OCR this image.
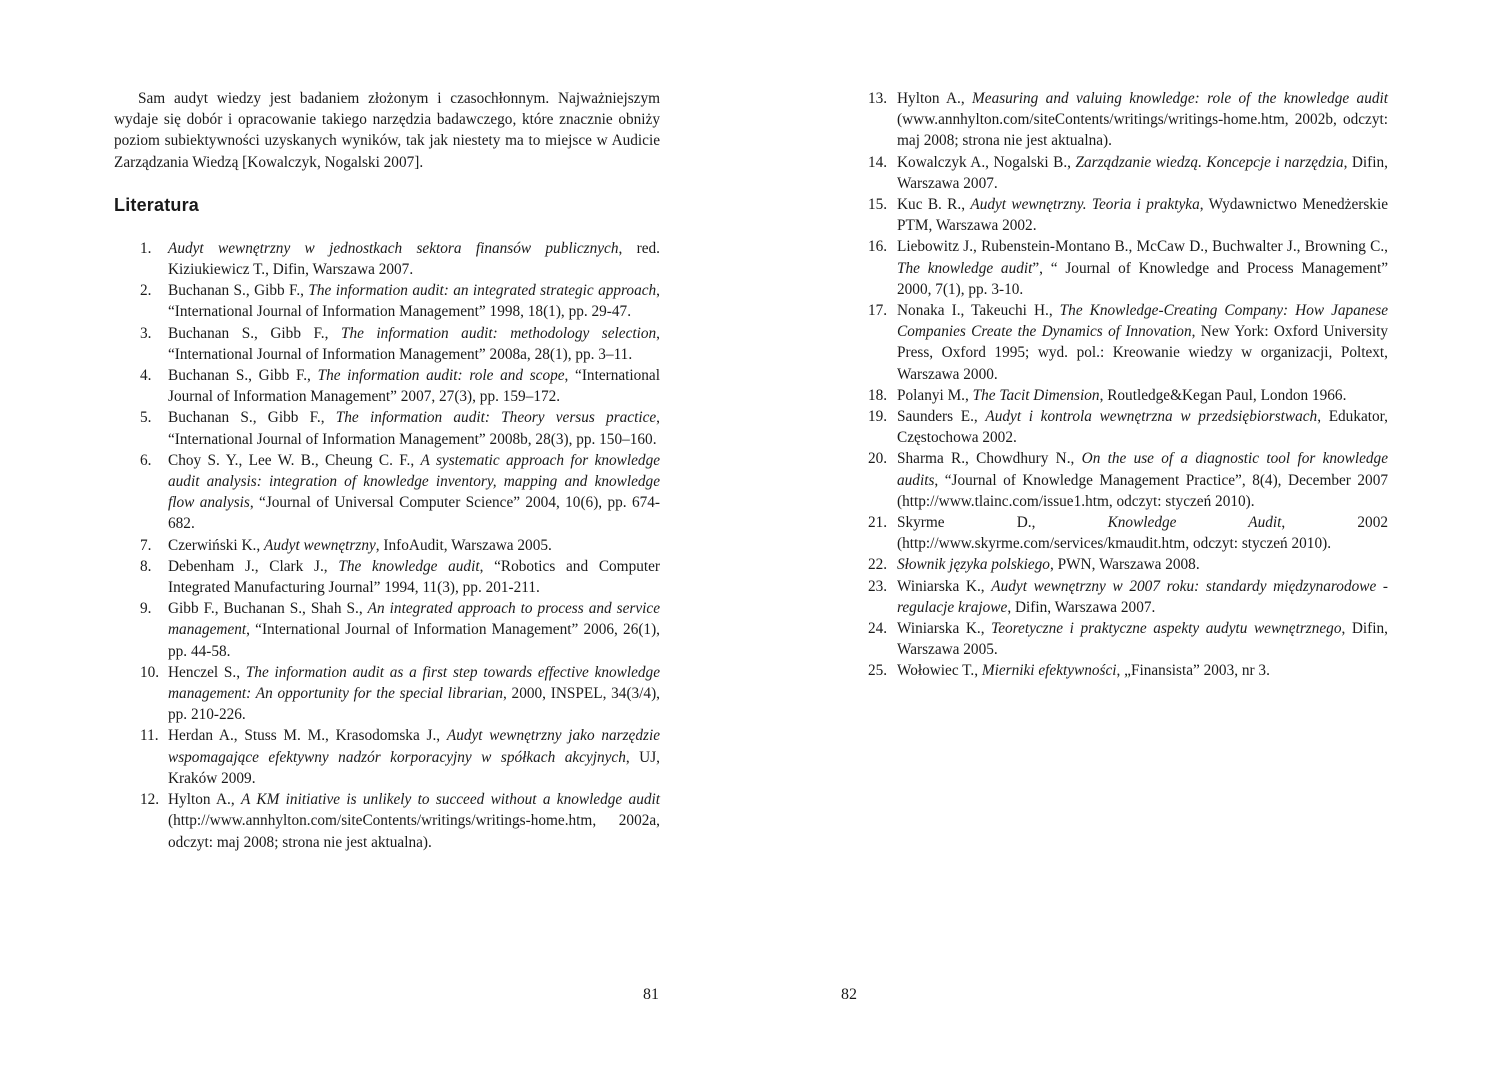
Sam audyt wiedzy jest badaniem złożonym i czasochłonnym. Najważniejszym wydaje się dobór i opracowanie takiego narzędzia badawczego, które znacznie obniży poziom subiektywności uzyskanych wyników, tak jak niestety ma to miejsce w Audicie Zarządzania Wiedzą [Kowalczyk, Nogalski 2007].

Literatura
1. Audyt wewnętrzny w jednostkach sektora finansów publicznych, red. Kiziukiewicz T., Difin, Warszawa 2007.
2. Buchanan S., Gibb F., The information audit: an integrated strategic approach, “International Journal of Information Management” 1998, 18(1), pp. 29-47.
3. Buchanan S., Gibb F., The information audit: methodology selection, “International Journal of Information Management” 2008a, 28(1), pp. 3–11.
4. Buchanan S., Gibb F., The information audit: role and scope, “International Journal of Information Management” 2007, 27(3), pp. 159–172.
5. Buchanan S., Gibb F., The information audit: Theory versus practice, “International Journal of Information Management” 2008b, 28(3), pp. 150–160.
6. Choy S. Y., Lee W. B., Cheung C. F., A systematic approach for knowledge audit analysis: integration of knowledge inventory, mapping and knowledge flow analysis, “Journal of Universal Computer Science” 2004, 10(6), pp. 674-682.
7. Czerwiński K., Audyt wewnętrzny, InfoAudit, Warszawa 2005.
8. Debenham J., Clark J., The knowledge audit, “Robotics and Computer Integrated Manufacturing Journal” 1994, 11(3), pp. 201-211.
9. Gibb F., Buchanan S., Shah S., An integrated approach to process and service management, “International Journal of Information Management” 2006, 26(1), pp. 44-58.
10. Henczel S., The information audit as a first step towards effective knowledge management: An opportunity for the special librarian, 2000, INSPEL, 34(3/4), pp. 210-226.
11. Herdan A., Stuss M. M., Krasodomska J., Audyt wewnętrzny jako narzędzie wspomagające efektywny nadzór korporacyjny w spółkach akcyjnych, UJ, Kraków 2009.
12. Hylton A., A KM initiative is unlikely to succeed without a knowledge audit (http://www.annhylton.com/siteContents/writings/writings-home.htm, 2002a, odczyt: maj 2008; strona nie jest aktualna).
81
13. Hylton A., Measuring and valuing knowledge: role of the knowledge audit (www.annhylton.com/siteContents/writings/writings-home.htm, 2002b, odczyt: maj 2008; strona nie jest aktualna).
14. Kowalczyk A., Nogalski B., Zarządzanie wiedzą. Koncepcje i narzędzia, Difin, Warszawa 2007.
15. Kuc B. R., Audyt wewnętrzny. Teoria i praktyka, Wydawnictwo Menedżerskie PTM, Warszawa 2002.
16. Liebowitz J., Rubenstein-Montano B., McCaw D., Buchwalter J., Browning C., The knowledge audit”, “ Journal of Knowledge and Process Management” 2000, 7(1), pp. 3-10.
17. Nonaka I., Takeuchi H., The Knowledge-Creating Company: How Japanese Companies Create the Dynamics of Innovation, New York: Oxford University Press, Oxford 1995; wyd. pol.: Kreowanie wiedzy w organizacji, Poltext, Warszawa 2000.
18. Polanyi M., The Tacit Dimension, Routledge&Kegan Paul, London 1966.
19. Saunders E., Audyt i kontrola wewnętrzna w przedsiębiorstwach, Edukator, Częstochowa 2002.
20. Sharma R., Chowdhury N., On the use of a diagnostic tool for knowledge audits, “Journal of Knowledge Management Practice”, 8(4), December 2007 (http://www.tlainc.com/issue1.htm, odczyt: styczeń 2010).
21. Skyrme D., Knowledge Audit, 2002 (http://www.skyrme.com/services/kmaudit.htm, odczyt: styczeń 2010).
22. Słownik języka polskiego, PWN, Warszawa 2008.
23. Winiarska K., Audyt wewnętrzny w 2007 roku: standardy międzynarodowe - regulacje krajowe, Difin, Warszawa 2007.
24. Winiarska K., Teoretyczne i praktyczne aspekty audytu wewnętrznego, Difin, Warszawa 2005.
25. Wołowiec T., Mierniki efektywności, „Finansista” 2003, nr 3.
82
